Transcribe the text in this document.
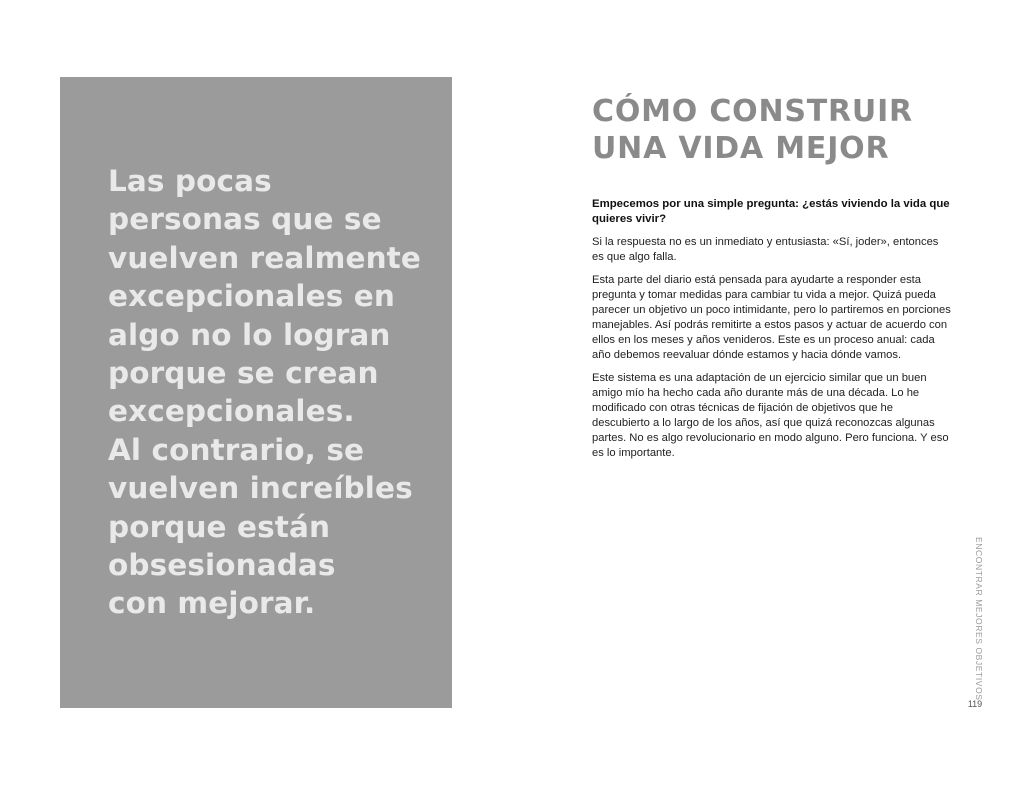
Las pocas
personas que se
vuelven realmente
excepcionales en
algo no lo logran
porque se crean
excepcionales.
Al contrario, se
vuelven increíbles
porque están
obsesionadas
con mejorar.

CÓMO CONSTRUIR
UNA VIDA MEJOR

Empecemos por una simple pregunta: ¿estás viviendo la vida que quieres vivir?

Si la respuesta no es un inmediato y entusiasta: «Sí, joder», entonces es que algo falla.

Esta parte del diario está pensada para ayudarte a responder esta pregunta y tomar medidas para cambiar tu vida a mejor. Quizá pueda parecer un objetivo un poco intimidante, pero lo partiremos en porciones manejables. Así podrás remitirte a estos pasos y actuar de acuerdo con ellos en los meses y años venideros. Este es un proceso anual: cada año debemos reevaluar dónde estamos y hacia dónde vamos.

Este sistema es una adaptación de un ejercicio similar que un buen amigo mío ha hecho cada año durante más de una década. Lo he modificado con otras técnicas de fijación de objetivos que he descubierto a lo largo de los años, así que quizá reconozcas algunas partes. No es algo revolucionario en modo alguno. Pero funciona. Y eso es lo importante.

ENCONTRAR MEJORES OBJETIVOS
119
